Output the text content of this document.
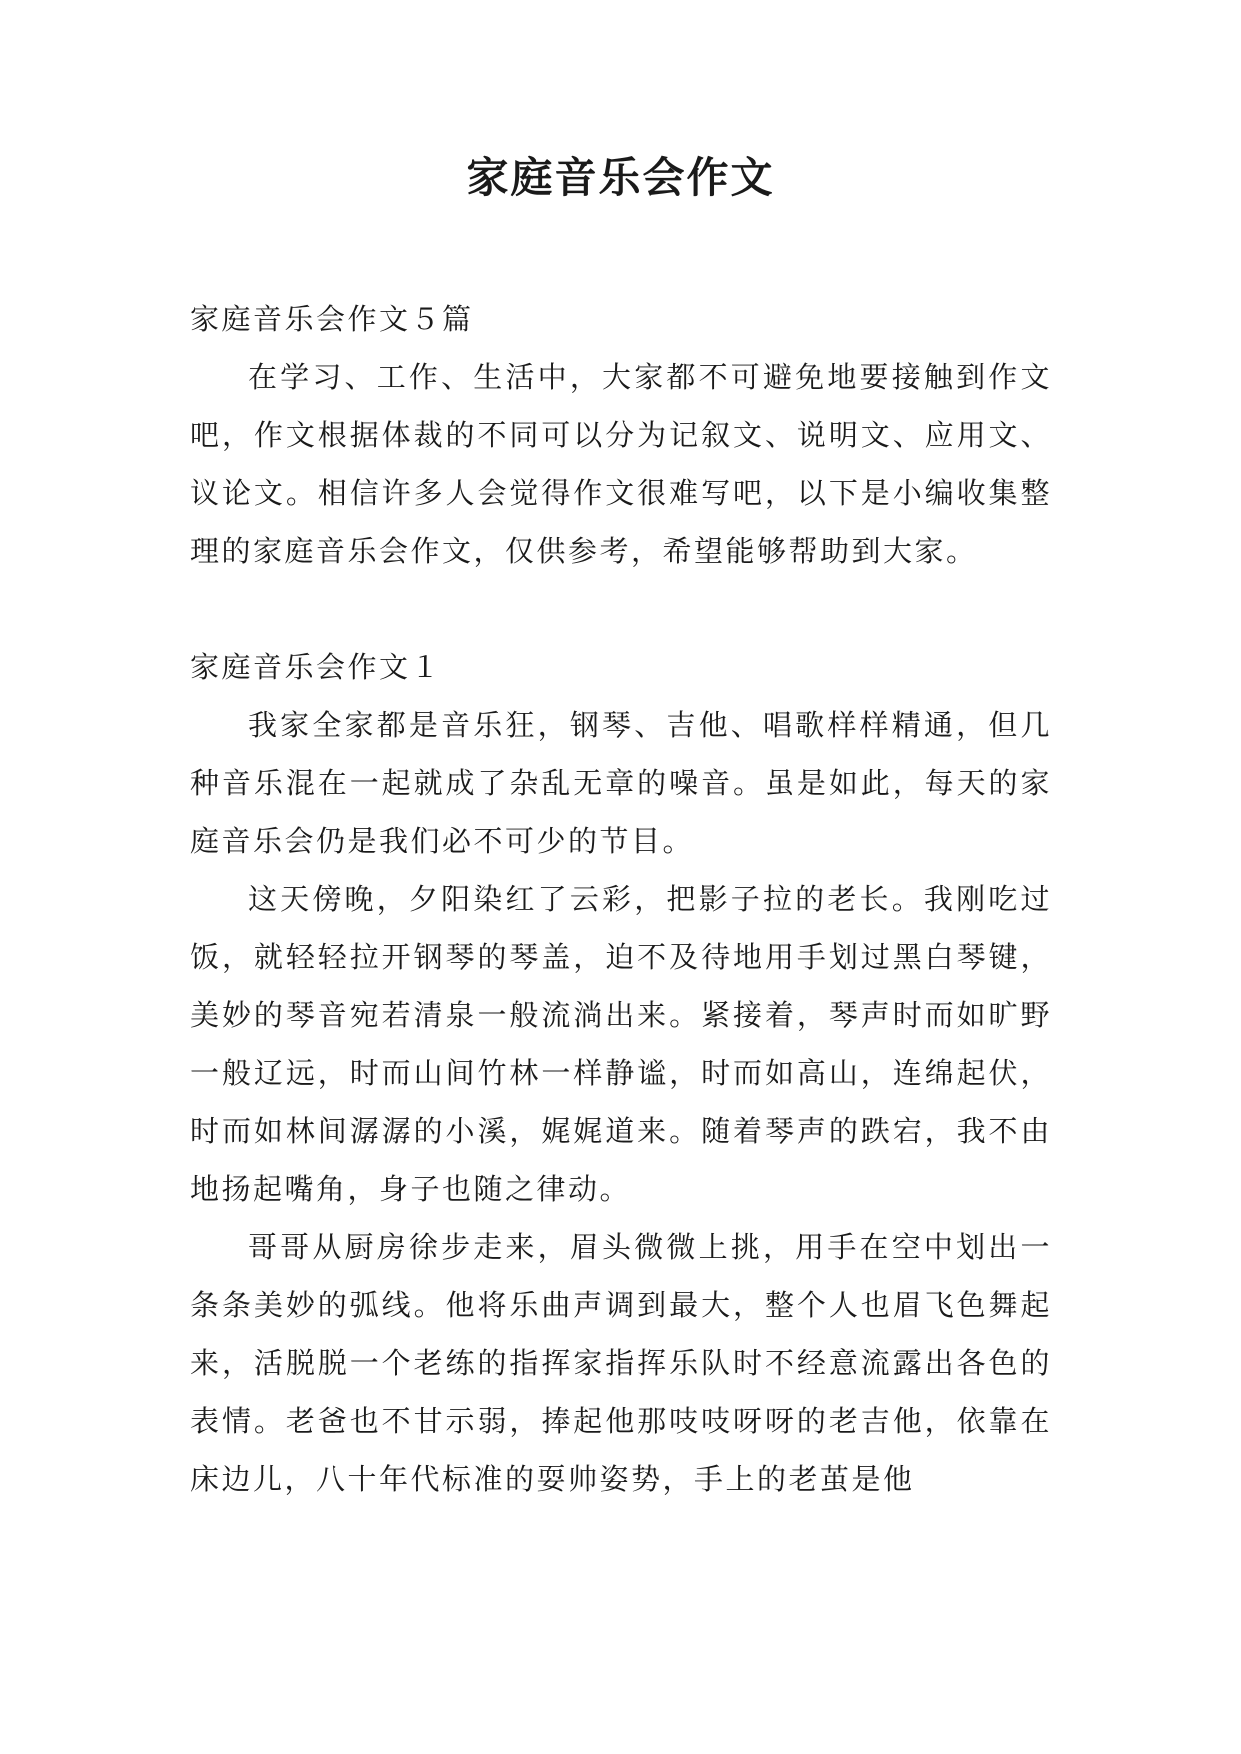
家庭音乐会作文

家庭音乐会作文５篇

在学习、工作、生活中，大家都不可避免地要接触到作文吧，作文根据体裁的不同可以分为记叙文、说明文、应用文、议论文。相信许多人会觉得作文很难写吧，以下是小编收集整理的家庭音乐会作文，仅供参考，希望能够帮助到大家。

家庭音乐会作文１

我家全家都是音乐狂，钢琴、吉他、唱歌样样精通，但几种音乐混在一起就成了杂乱无章的噪音。虽是如此，每天的家庭音乐会仍是我们必不可少的节目。

这天傍晚，夕阳染红了云彩，把影子拉的老长。我刚吃过饭，就轻轻拉开钢琴的琴盖，迫不及待地用手划过黑白琴键，美妙的琴音宛若清泉一般流淌出来。紧接着，琴声时而如旷野一般辽远，时而山间竹林一样静谧，时而如高山，连绵起伏，时而如林间潺潺的小溪，娓娓道来。随着琴声的跌宕，我不由地扬起嘴角，身子也随之律动。

哥哥从厨房徐步走来，眉头微微上挑，用手在空中划出一条条美妙的弧线。他将乐曲声调到最大，整个人也眉飞色舞起来，活脱脱一个老练的指挥家指挥乐队时不经意流露出各色的表情。老爸也不甘示弱，捧起他那吱吱呀呀的老吉他，依靠在床边儿，八十年代标准的耍帅姿势，手上的老茧是他
